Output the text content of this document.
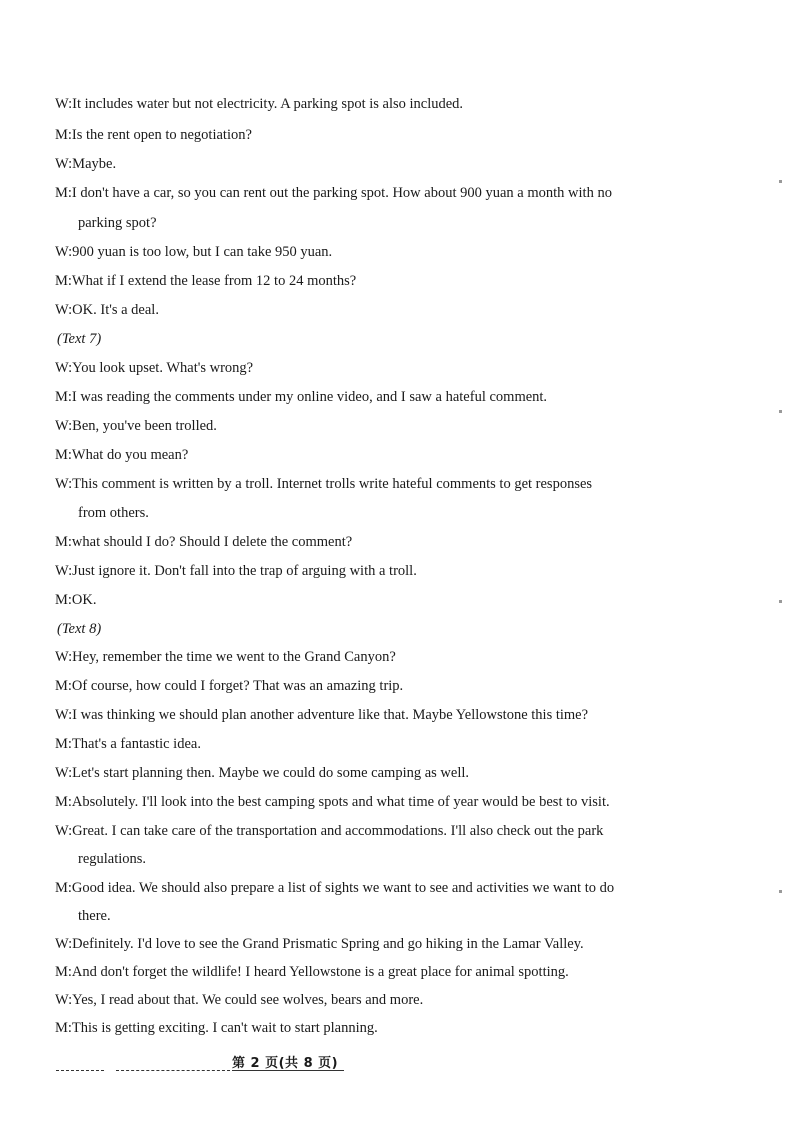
W:It includes water but not electricity. A parking spot is also included.
M:Is the rent open to negotiation?
W:Maybe.
M:I don't have a car, so you can rent out the parking spot. How about 900 yuan a month with no
parking spot?
W:900 yuan is too low, but I can take 950 yuan.
M:What if I extend the lease from 12 to 24 months?
W:OK. It's a deal.
(Text 7)
W:You look upset. What's wrong?
M:I was reading the comments under my online video, and I saw a hateful comment.
W:Ben, you've been trolled.
M:What do you mean?
W:This comment is written by a troll. Internet trolls write hateful comments to get responses
from others.
M:what should I do? Should I delete the comment?
W:Just ignore it. Don't fall into the trap of arguing with a troll.
M:OK.
(Text 8)
W:Hey, remember the time we went to the Grand Canyon?
M:Of course, how could I forget? That was an amazing trip.
W:I was thinking we should plan another adventure like that. Maybe Yellowstone this time?
M:That's a fantastic idea.
W:Let's start planning then. Maybe we could do some camping as well.
M:Absolutely. I'll look into the best camping spots and what time of year would be best to visit.
W:Great. I can take care of the transportation and accommodations. I'll also check out the park
regulations.
M:Good idea. We should also prepare a list of sights we want to see and activities we want to do
there.
W:Definitely. I'd love to see the Grand Prismatic Spring and go hiking in the Lamar Valley.
M:And don't forget the wildlife! I heard Yellowstone is a great place for animal spotting.
W:Yes, I read about that. We could see wolves, bears and more.
M:This is getting exciting. I can't wait to start planning.
第 2 页(共 8 页)
